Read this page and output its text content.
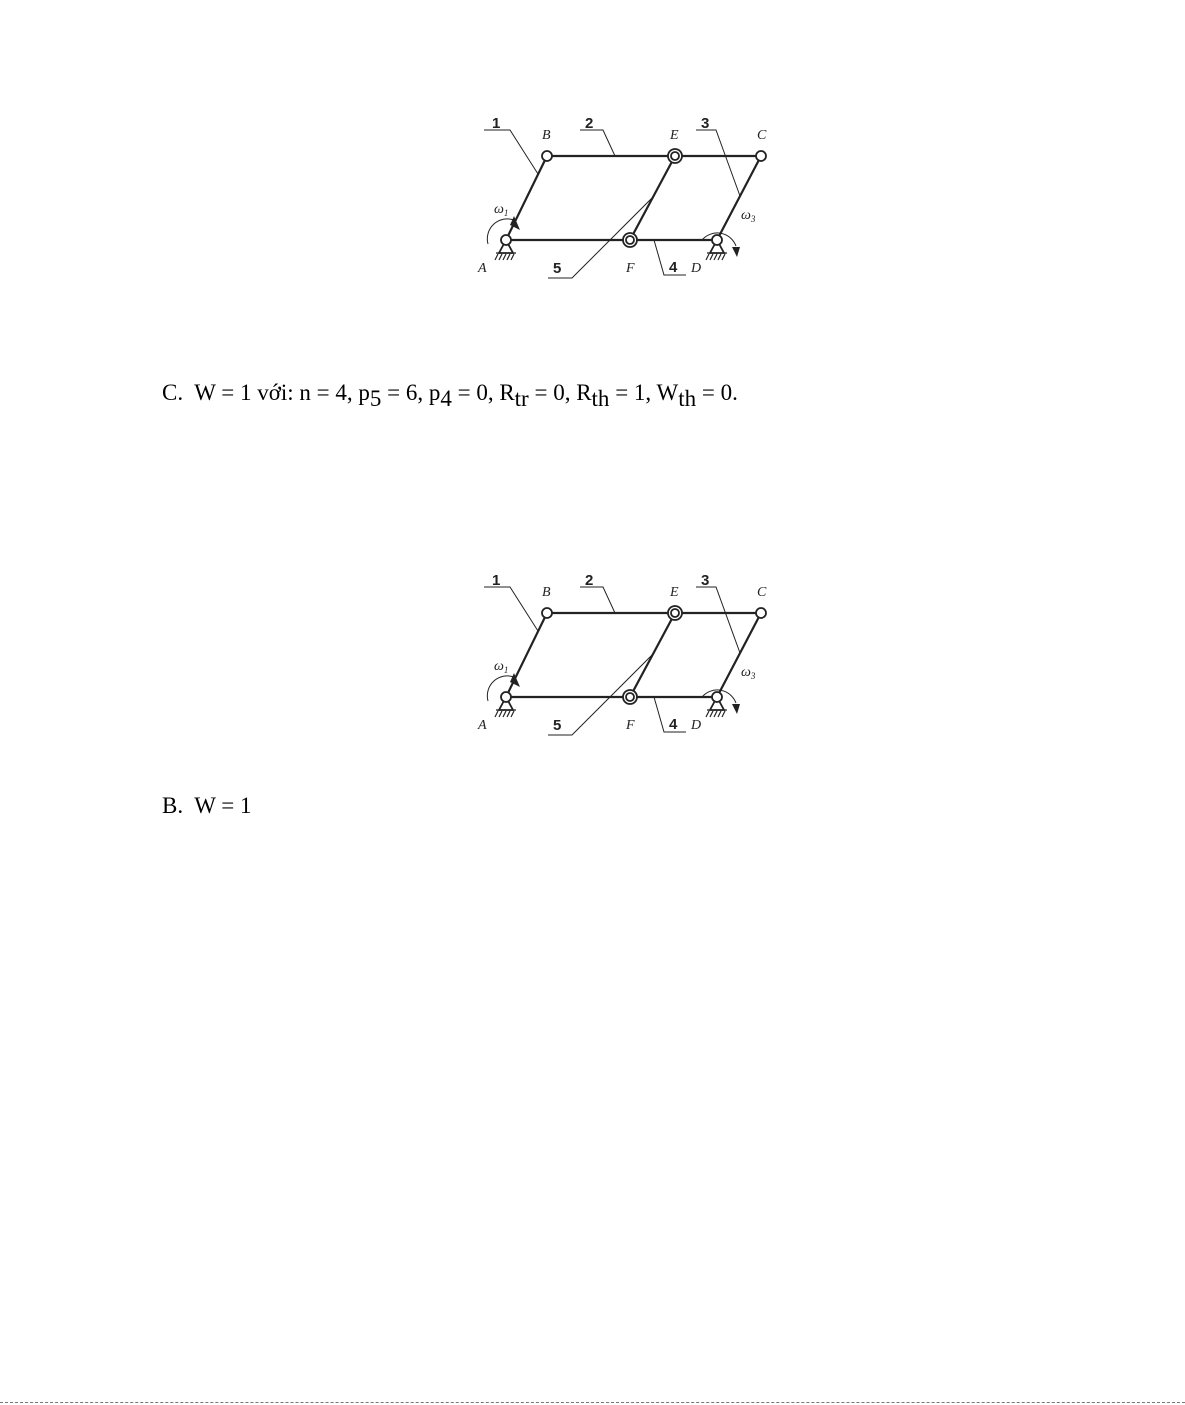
B	E	C
A	F	D
$\omega_1$	$\omega_3$
1	2	3
4
5
C. W = 1 với: n = 4, $p_5 = 6$, $p_4 = 0$, $R_{tr} = 0$, $R_{th} = 1$, $W_{th} = 0$.
B	E	C
A	F	D
$\omega_1$	$\omega_3$
1	2	3
4
5
B. W = 1
